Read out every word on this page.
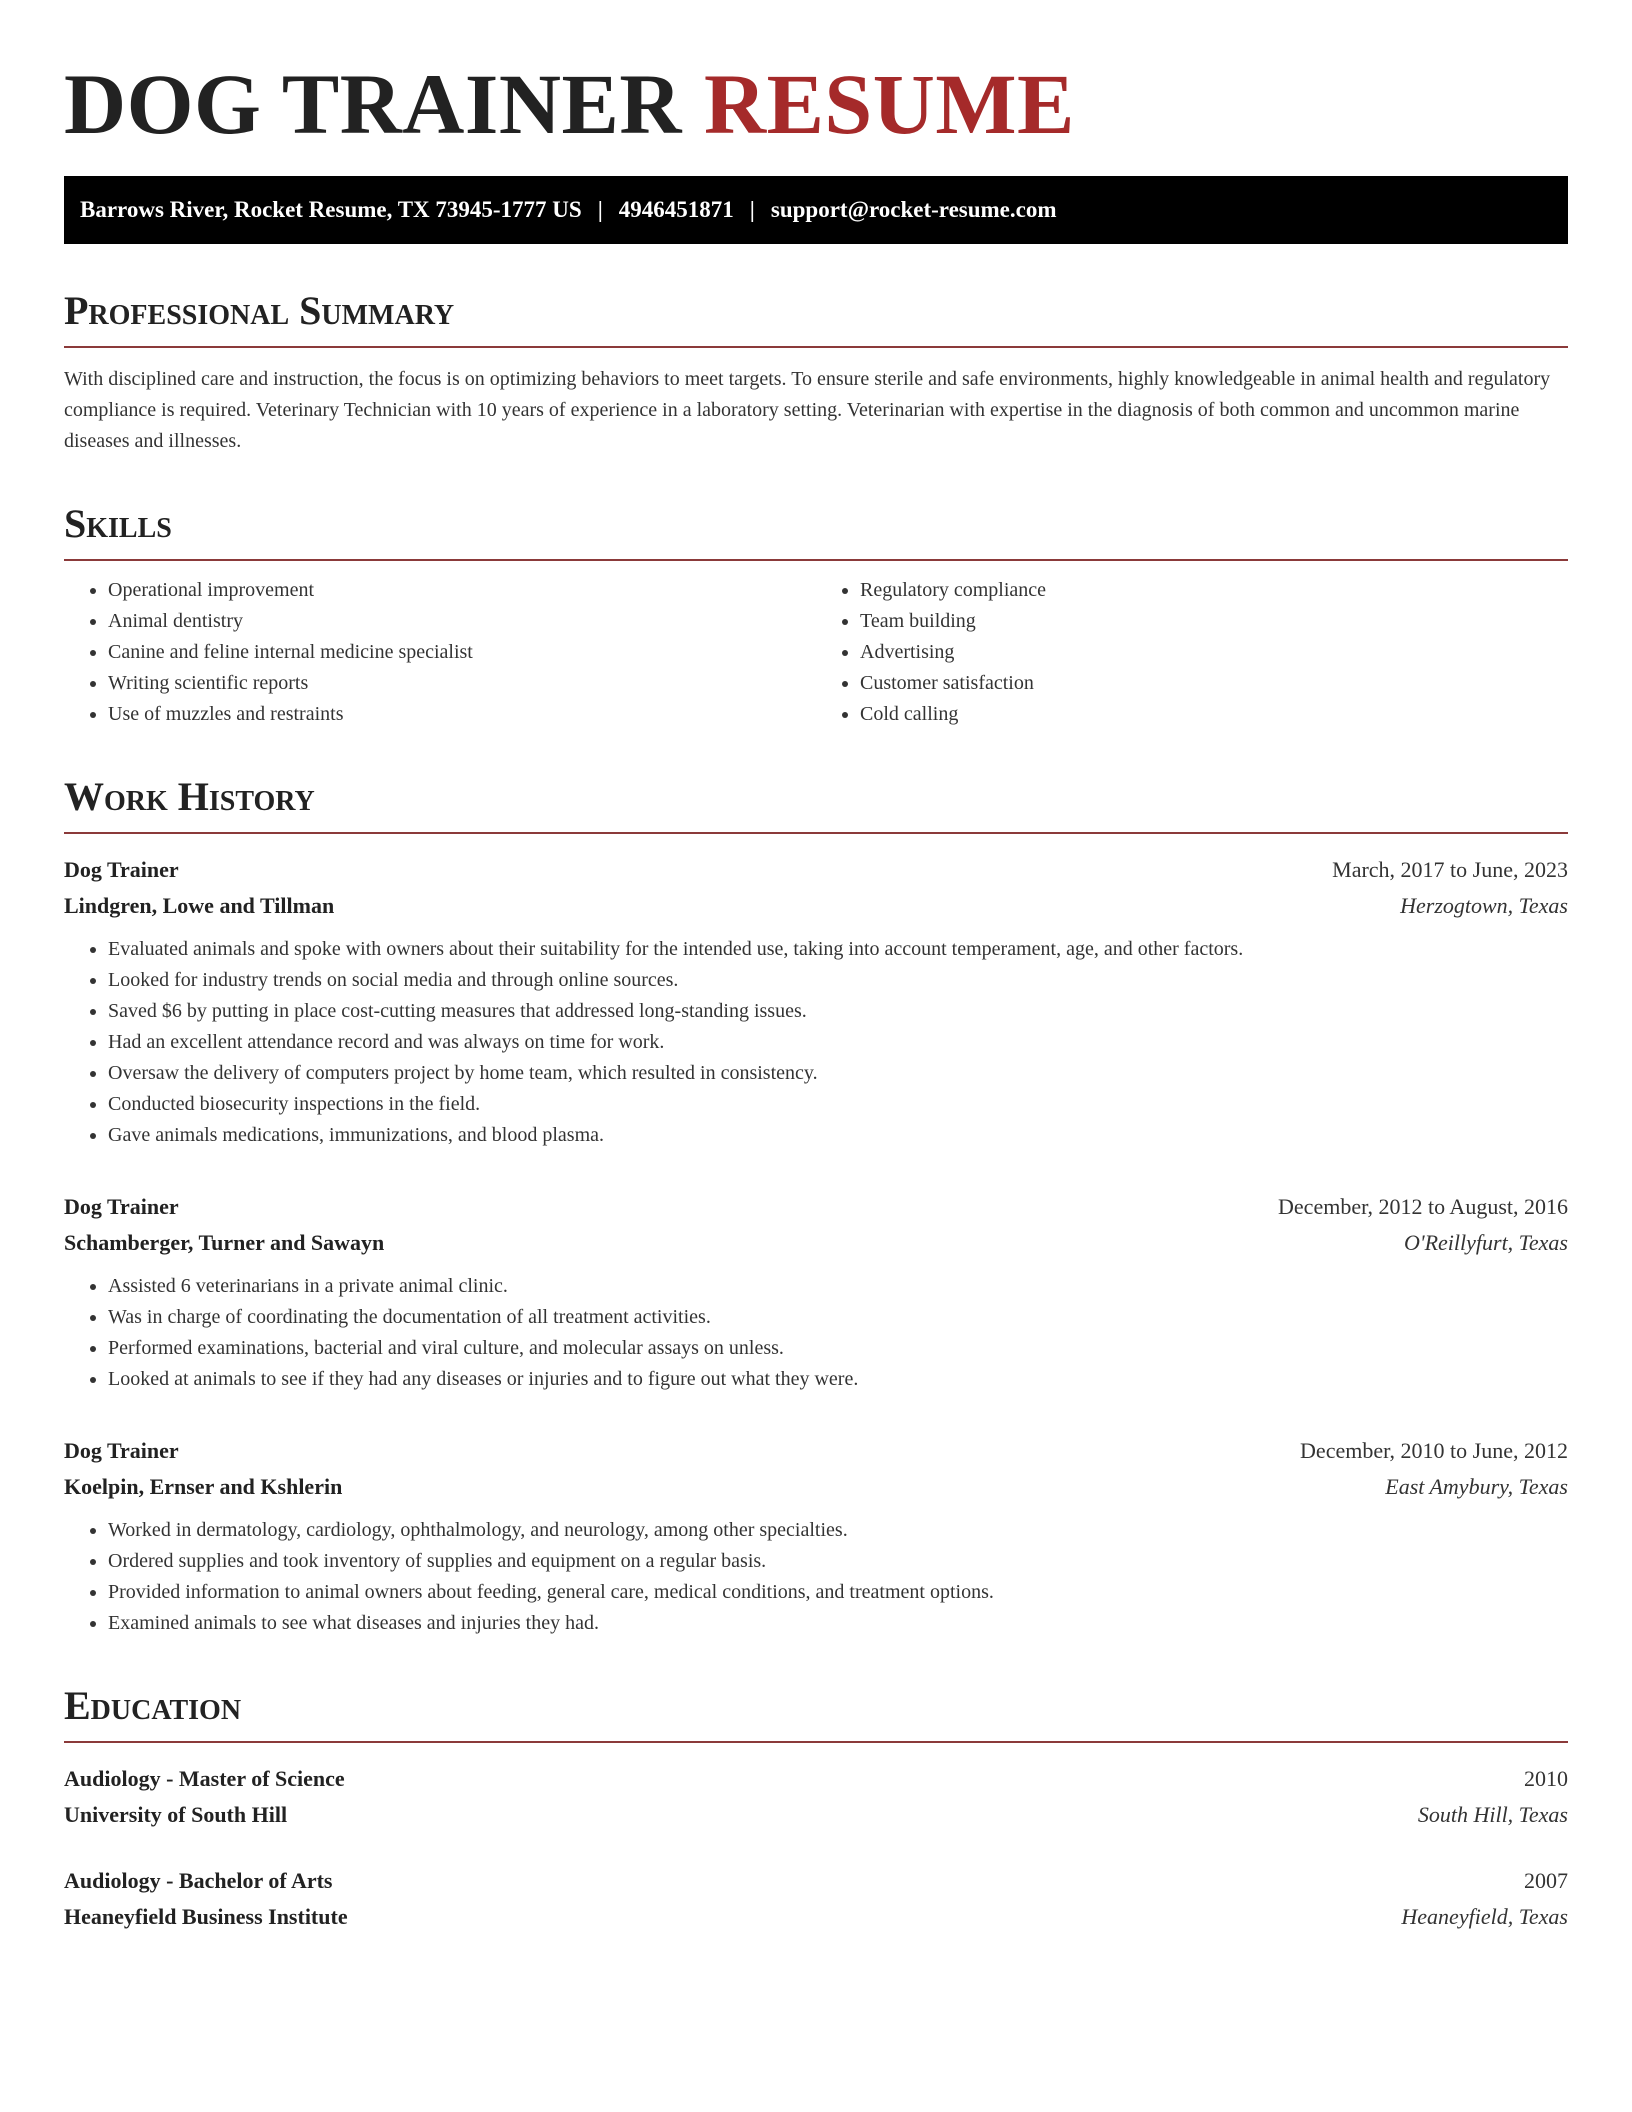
DOG TRAINER RESUME
Barrows River, Rocket Resume, TX 73945-1777 US | 4946451871 | support@rocket-resume.com
Professional Summary

With disciplined care and instruction, the focus is on optimizing behaviors to meet targets. To ensure sterile and safe environments, highly knowledgeable in animal health and regulatory compliance is required. Veterinary Technician with 10 years of experience in a laboratory setting. Veterinarian with expertise in the diagnosis of both common and uncommon marine diseases and illnesses.

Skills
• Operational improvement
• Animal dentistry
• Canine and feline internal medicine specialist
• Writing scientific reports
• Use of muzzles and restraints
• Regulatory compliance
• Team building
• Advertising
• Customer satisfaction
• Cold calling
Work History
Dog Trainer	March, 2017 to June, 2023
Lindgren, Lowe and Tillman	Herzogtown, Texas
• Evaluated animals and spoke with owners about their suitability for the intended use, taking into account temperament, age, and other factors.
• Looked for industry trends on social media and through online sources.
• Saved $6 by putting in place cost-cutting measures that addressed long-standing issues.
• Had an excellent attendance record and was always on time for work.
• Oversaw the delivery of computers project by home team, which resulted in consistency.
• Conducted biosecurity inspections in the field.
• Gave animals medications, immunizations, and blood plasma.
Dog Trainer	December, 2012 to August, 2016
Schamberger, Turner and Sawayn	O'Reillyfurt, Texas
• Assisted 6 veterinarians in a private animal clinic.
• Was in charge of coordinating the documentation of all treatment activities.
• Performed examinations, bacterial and viral culture, and molecular assays on unless.
• Looked at animals to see if they had any diseases or injuries and to figure out what they were.
Dog Trainer	December, 2010 to June, 2012
Koelpin, Ernser and Kshlerin	East Amybury, Texas
• Worked in dermatology, cardiology, ophthalmology, and neurology, among other specialties.
• Ordered supplies and took inventory of supplies and equipment on a regular basis.
• Provided information to animal owners about feeding, general care, medical conditions, and treatment options.
• Examined animals to see what diseases and injuries they had.
Education
Audiology - Master of Science	2010
University of South Hill	South Hill, Texas
Audiology - Bachelor of Arts	2007
Heaneyfield Business Institute	Heaneyfield, Texas
